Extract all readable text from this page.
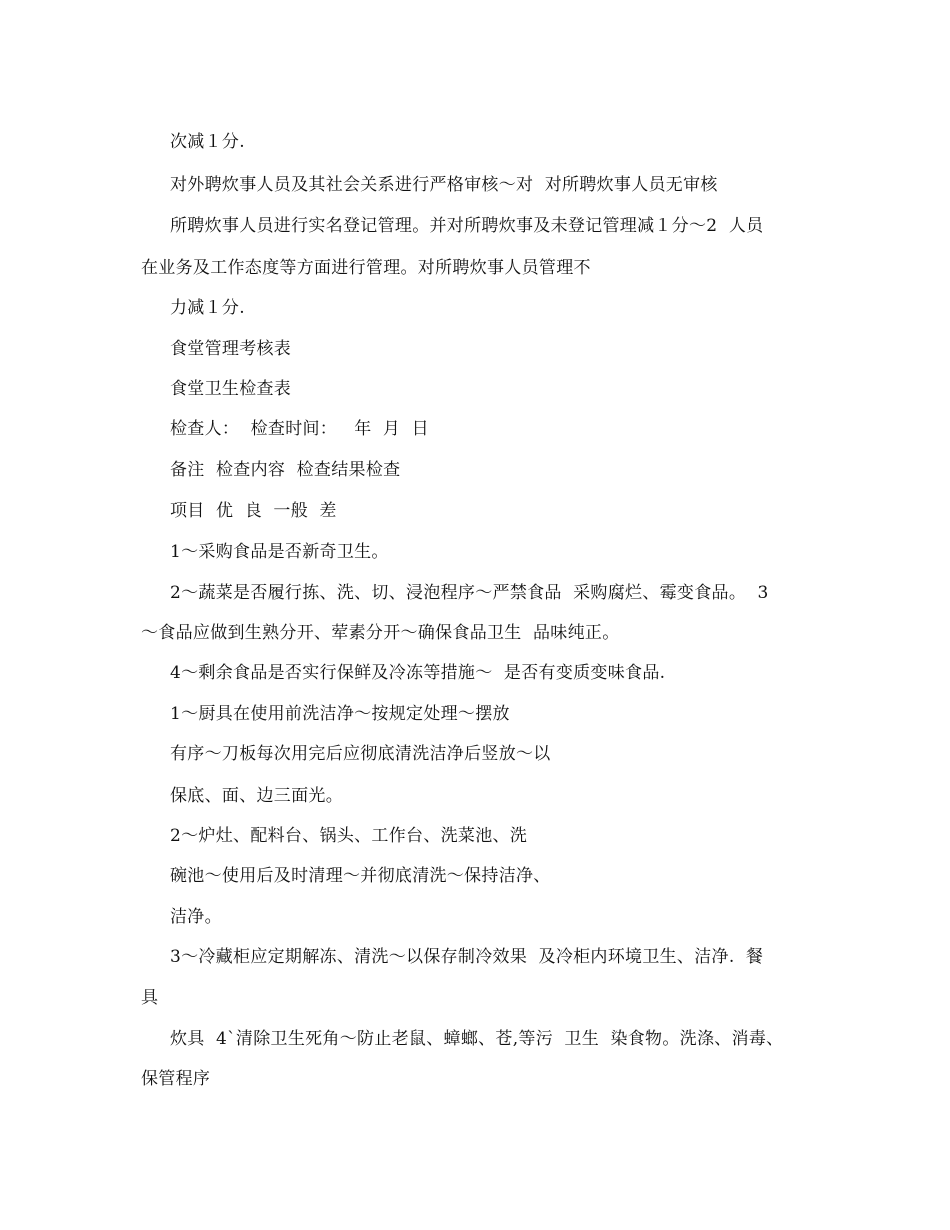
次减１分.
对外聘炊事人员及其社会关系进行严格审核～对  对所聘炊事人员无审核
所聘炊事人员进行实名登记管理。并对所聘炊事及未登记管理减１分～2  人员
在业务及工作态度等方面进行管理。对所聘炊事人员管理不
力减１分.
食堂管理考核表
食堂卫生检查表
检查人：  检查时间：   年  月  日
备注  检查内容  检查结果检查
项目  优  良  一般  差
1～采购食品是否新奇卫生。
2～蔬菜是否履行拣、洗、切、浸泡程序～严禁食品  采购腐烂、霉变食品。  3
～食品应做到生熟分开、荤素分开～确保食品卫生  品味纯正。
4～剩余食品是否实行保鲜及冷冻等措施～  是否有变质变味食品.
1～厨具在使用前洗洁净～按规定处理～摆放
有序～刀板每次用完后应彻底清洗洁净后竖放～以
保底、面、边三面光。
2～炉灶、配料台、锅头、工作台、洗菜池、洗
碗池～使用后及时清理～并彻底清洗～保持洁净、
洁净。
3～冷藏柜应定期解冻、清洗～以保存制冷效果  及冷柜内环境卫生、洁净.  餐
具
炊具  4`清除卫生死角～防止老鼠、蟑螂、苍,等污  卫生  染食物。洗涤、消毒、
保管程序
